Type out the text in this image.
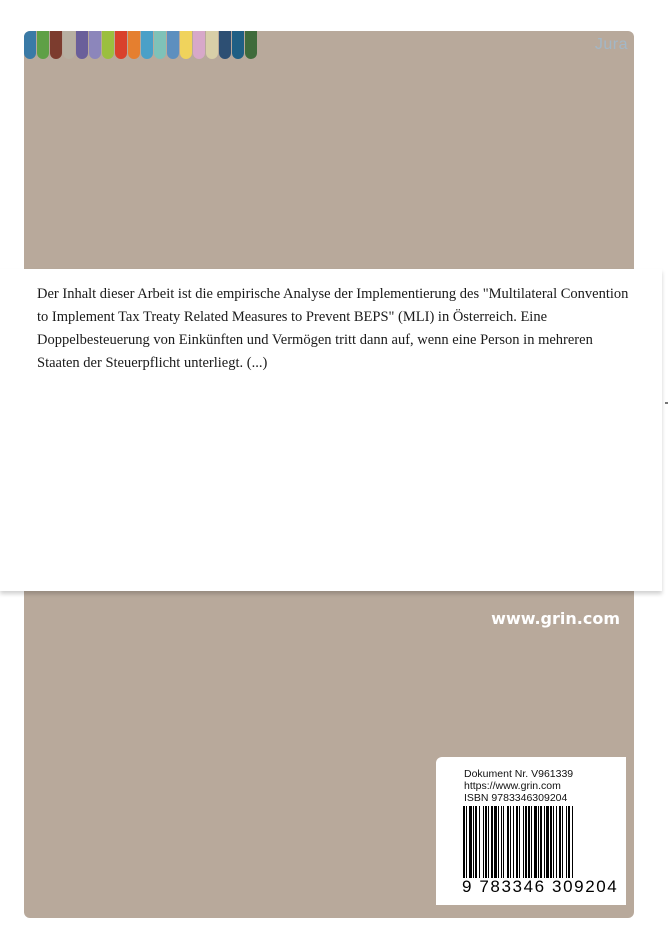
Jura

Der Inhalt dieser Arbeit ist die empirische Analyse der Implementierung des "Multilateral Convention to Implement Tax Treaty Related Measures to Prevent BEPS" (MLI) in Österreich. Eine Doppelbesteuerung von Einkünften und Vermögen tritt dann auf, wenn eine Person in mehreren Staaten der Steuerpflicht unterliegt. (...)

www.grin.com
Dokument Nr. V961339
https://www.grin.com
ISBN 9783346309204
9 783346 309204
